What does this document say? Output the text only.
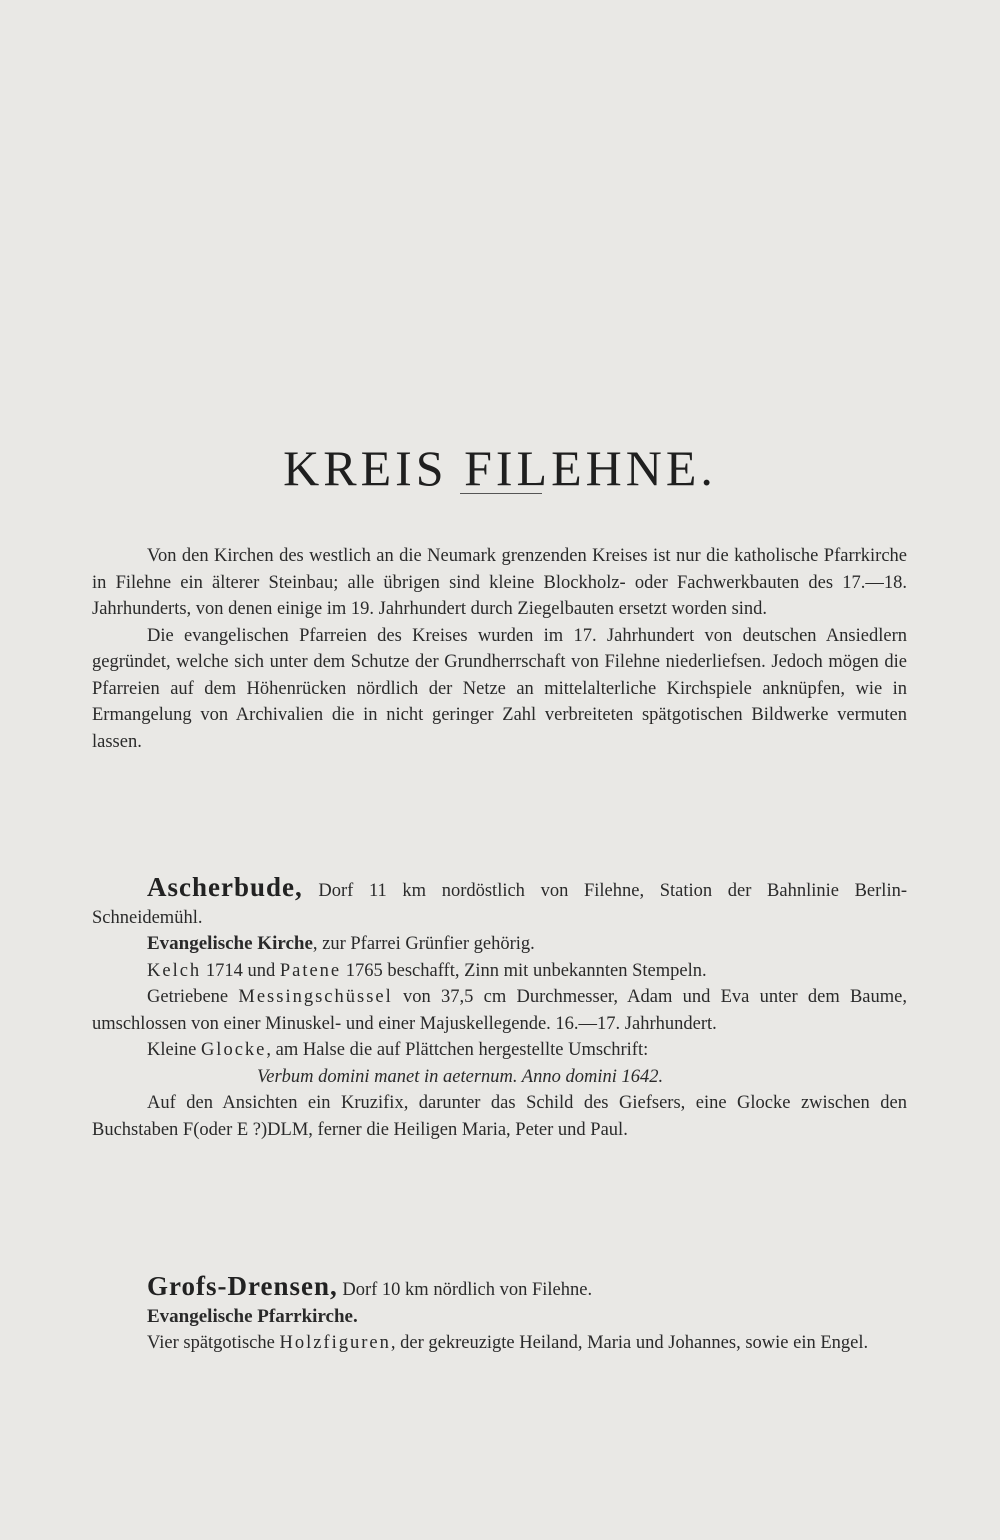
KREIS FILEHNE.

Von den Kirchen des westlich an die Neumark grenzenden Kreises ist nur die katholische Pfarrkirche in Filehne ein älterer Steinbau; alle übrigen sind kleine Blockholz- oder Fachwerkbauten des 17.—18. Jahrhunderts, von denen einige im 19. Jahrhundert durch Ziegelbauten ersetzt worden sind.

Die evangelischen Pfarreien des Kreises wurden im 17. Jahrhundert von deutschen Ansiedlern gegründet, welche sich unter dem Schutze der Grundherrschaft von Filehne niederliefsen. Jedoch mögen die Pfarreien auf dem Höhenrücken nördlich der Netze an mittelalterliche Kirchspiele anknüpfen, wie in Ermangelung von Archivalien die in nicht geringer Zahl verbreiteten spätgotischen Bildwerke vermuten lassen.

Ascherbude, Dorf 11 km nordöstlich von Filehne, Station der Bahnlinie Berlin-Schneidemühl.

Evangelische Kirche, zur Pfarrei Grünfier gehörig.

Kelch 1714 und Patene 1765 beschafft, Zinn mit unbekannten Stempeln.

Getriebene Messingschüssel von 37,5 cm Durchmesser, Adam und Eva unter dem Baume, umschlossen von einer Minuskel- und einer Majuskellegende. 16.—17. Jahrhundert.

Kleine Glocke, am Halse die auf Plättchen hergestellte Umschrift:

Verbum domini manet in aeternum. Anno domini 1642.

Auf den Ansichten ein Kruzifix, darunter das Schild des Giefsers, eine Glocke zwischen den Buchstaben F(oder E ?)DLM, ferner die Heiligen Maria, Peter und Paul.

Grofs-Drensen, Dorf 10 km nördlich von Filehne.

Evangelische Pfarrkirche.

Vier spätgotische Holzfiguren, der gekreuzigte Heiland, Maria und Johannes, sowie ein Engel.
